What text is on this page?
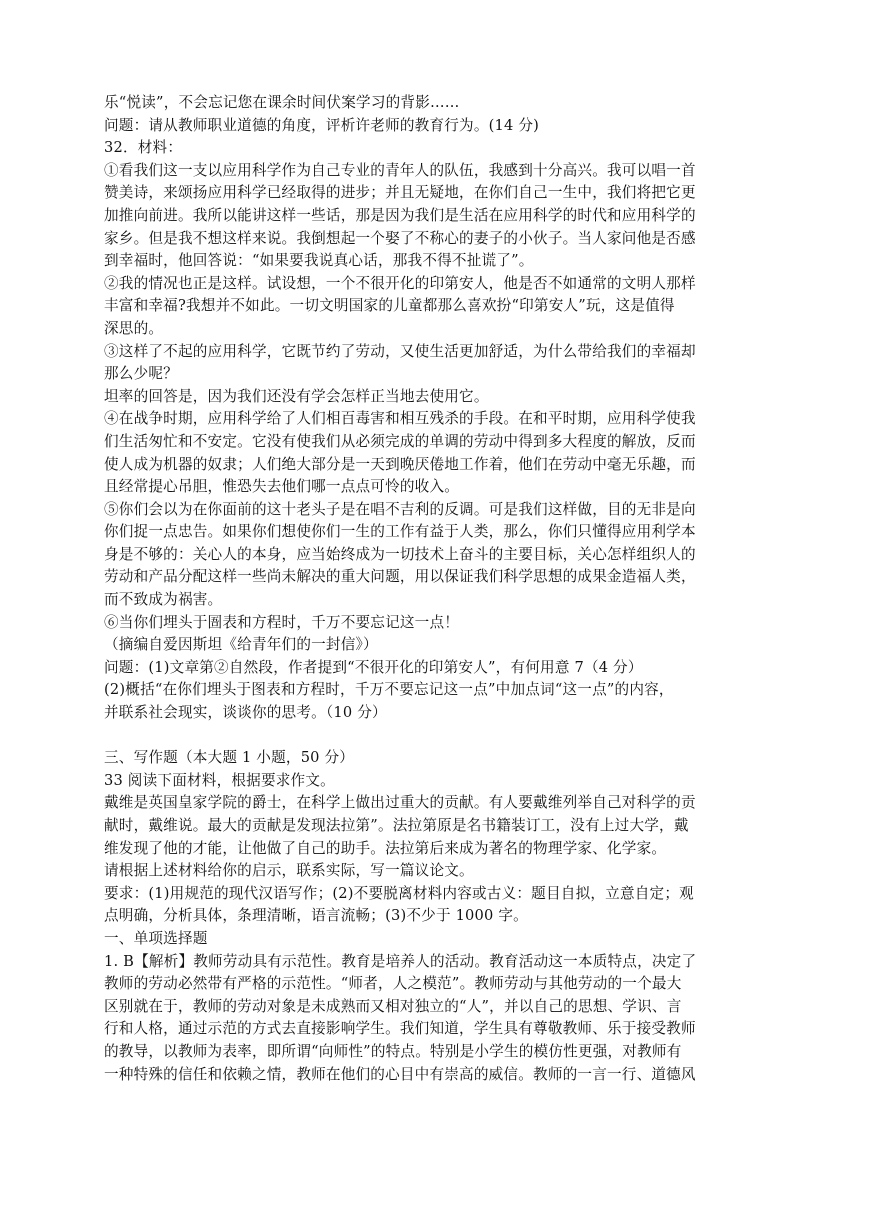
乐“悦读”，不会忘记您在课余时间伏案学习的背影……

问题：请从教师职业道德的角度，评析许老师的教育行为。(14 分)

32．材料：

①看我们这一支以应用科学作为自己专业的青年人的队伍，我感到十分高兴。我可以唱一首

赞美诗，来颂扬应用科学已经取得的进步；并且无疑地，在你们自己一生中，我们将把它更

加推向前进。我所以能讲这样一些话，那是因为我们是生活在应用科学的时代和应用科学的

家乡。但是我不想这样来说。我倒想起一个娶了不称心的妻子的小伙子。当人家问他是否感

到幸福时，他回答说：“如果要我说真心话，那我不得不扯谎了”。

②我的情况也正是这样。试设想，一个不很开化的印第安人，他是否不如通常的文明人那样

丰富和幸福?我想并不如此。一切文明国家的儿童都那么喜欢扮“印第安人”玩，这是值得

深思的。

③这样了不起的应用科学，它既节约了劳动，又使生活更加舒适，为什么带给我们的幸福却

那么少呢？

坦率的回答是，因为我们还没有学会怎样正当地去使用它。

④在战争时期，应用科学给了人们相百毒害和相互残杀的手段。在和平时期，应用科学使我

们生活匆忙和不安定。它没有使我们从必须完成的单调的劳动中得到多大程度的解放，反而

使人成为机器的奴隶；人们绝大部分是一天到晚厌倦地工作着，他们在劳动中毫无乐趣，而

且经常提心吊胆，惟恐失去他们哪一点点可怜的收入。

⑤你们会以为在你面前的这十老头子是在唱不吉利的反调。可是我们这样做，目的无非是向

你们捉一点忠告。如果你们想使你们一生的工作有益于人类，那么，你们只懂得应用利学本

身是不够的：关心人的本身，应当始终成为一切技术上奋斗的主要目标，关心怎样组织人的

劳动和产品分配这样一些尚未解决的重大问题，用以保证我们科学思想的成果金造福人类，

而不致成为祸害。

⑥当你们埋头于圄表和方程时，千万不要忘记这一点！

（摘编自爱因斯坦《给青年们的一封信》）

问题：(1)文章第②自然段，作者提到“不很开化的印第安人”，有何用意 7（4 分）

(2)概括“在你们埋头于图表和方程时，千万不要忘记这一点”中加点词“这一点”的内容，

并联系社会现实，谈谈你的思考。（10 分）

三、写作题（本大题 1 小题，50 分）

33 阅读下面材料，根据要求作文。

戴维是英国皇家学院的爵士，在科学上做出过重大的贡献。有人要戴维列举自己对科学的贡

献时，戴维说。最大的贡献是发现法拉第”。法拉第原是名书籍装订工，没有上过大学，戴

维发现了他的才能，让他做了自己的助手。法拉第后来成为著名的物理学家、化学家。

请根据上述材料给你的启示，联系实际，写一篇议论文。

要求：(1)用规范的现代汉语写作；(2)不要脱离材料内容或古义：题目自拟，立意自定；观

点明确，分析具体，条理清晰，语言流畅；(3)不少于 1000 字。

一、单项选择题

1. B【解析】教师劳动具有示范性。教育是培养人的活动。教育活动这一本质特点，决定了

教师的劳动必然带有严格的示范性。“师者，人之模范”。教师劳动与其他劳动的一个最大

区别就在于，教师的劳动对象是未成熟而又相对独立的“人”，并以自己的思想、学识、言

行和人格，通过示范的方式去直接影响学生。我们知道，学生具有尊敬教师、乐于接受教师

的教导，以教师为表率，即所谓“向师性”的特点。特别是小学生的模仿性更强，对教师有

一种特殊的信任和依赖之情，教师在他们的心目中有崇高的威信。教师的一言一行、道德风
